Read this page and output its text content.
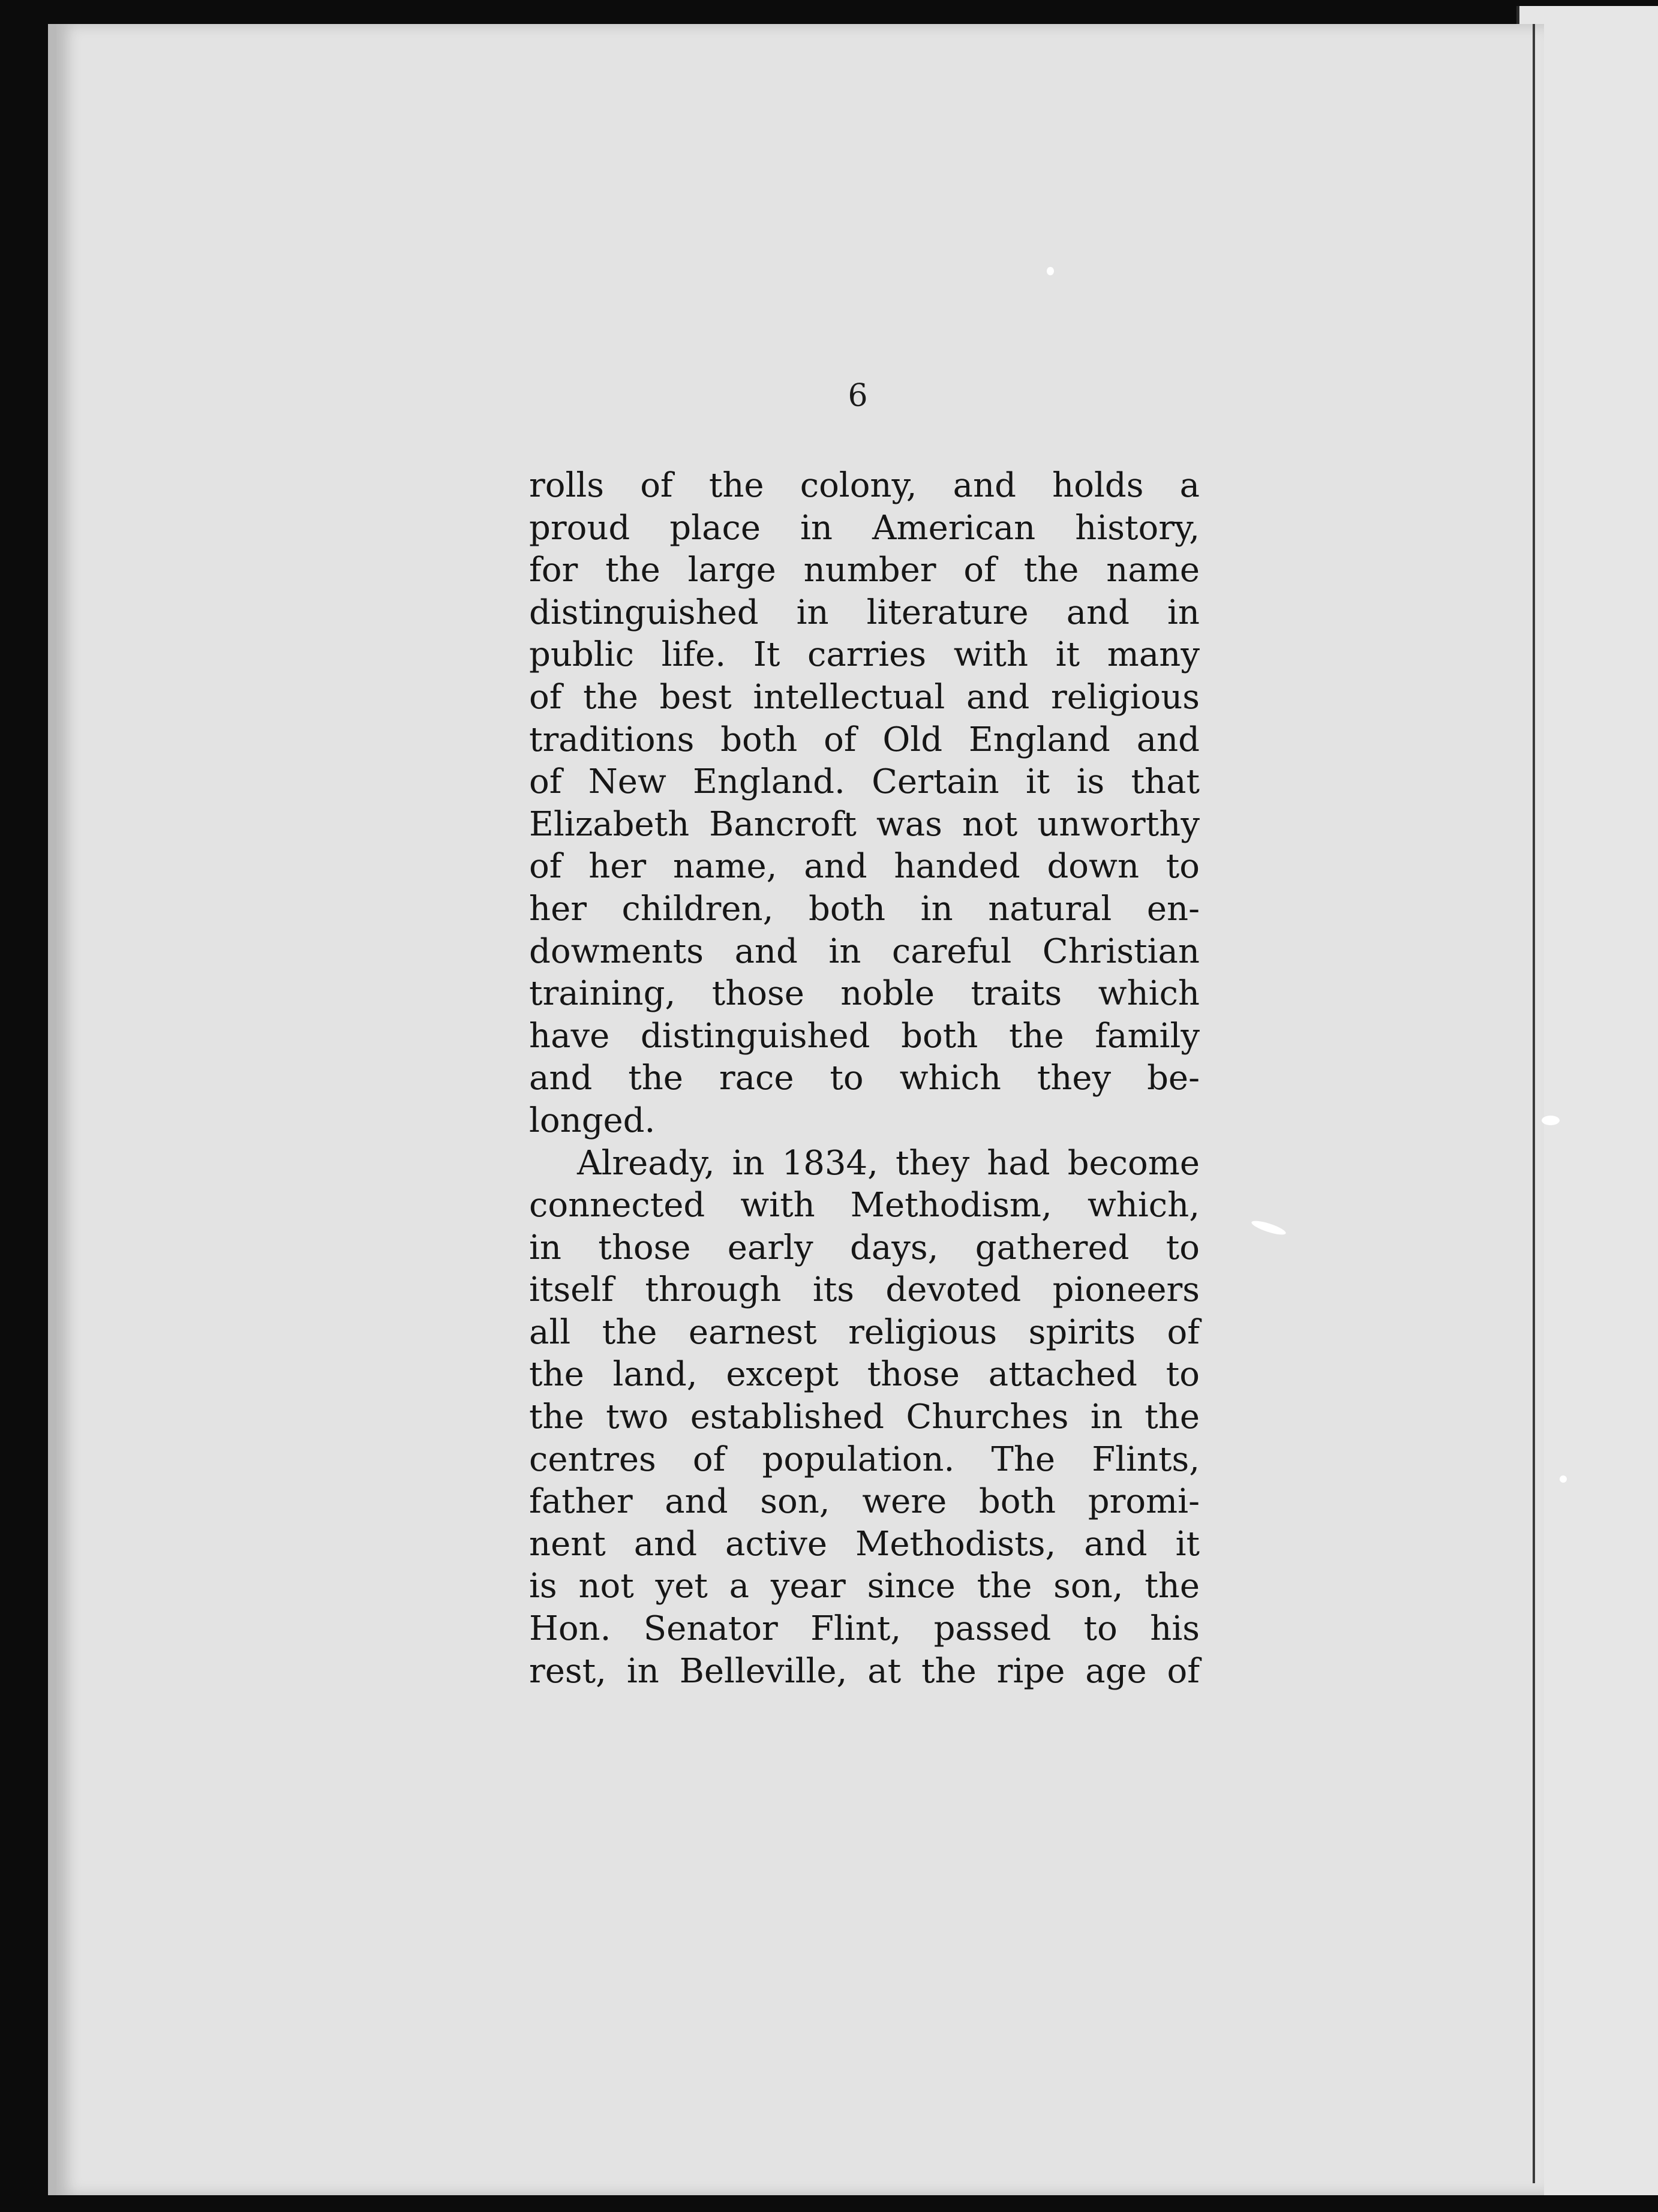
6

rolls of the colony, and holds a
proud place in American history,
for the large number of the name
distinguished in literature and in
public life. It carries with it many
of the best intellectual and religious
traditions both of Old England and
of New England. Certain it is that
Elizabeth Bancroft was not unworthy
of her name, and handed down to
her children, both in natural en-
dowments and in careful Christian
training, those noble traits which
have distinguished both the family
and the race to which they be-
longed.
Already, in 1834, they had become
connected with Methodism, which,
in those early days, gathered to
itself through its devoted pioneers
all the earnest religious spirits of
the land, except those attached to
the two established Churches in the
centres of population. The Flints,
father and son, were both promi-
nent and active Methodists, and it
is not yet a year since the son, the
Hon. Senator Flint, passed to his
rest, in Belleville, at the ripe age of
